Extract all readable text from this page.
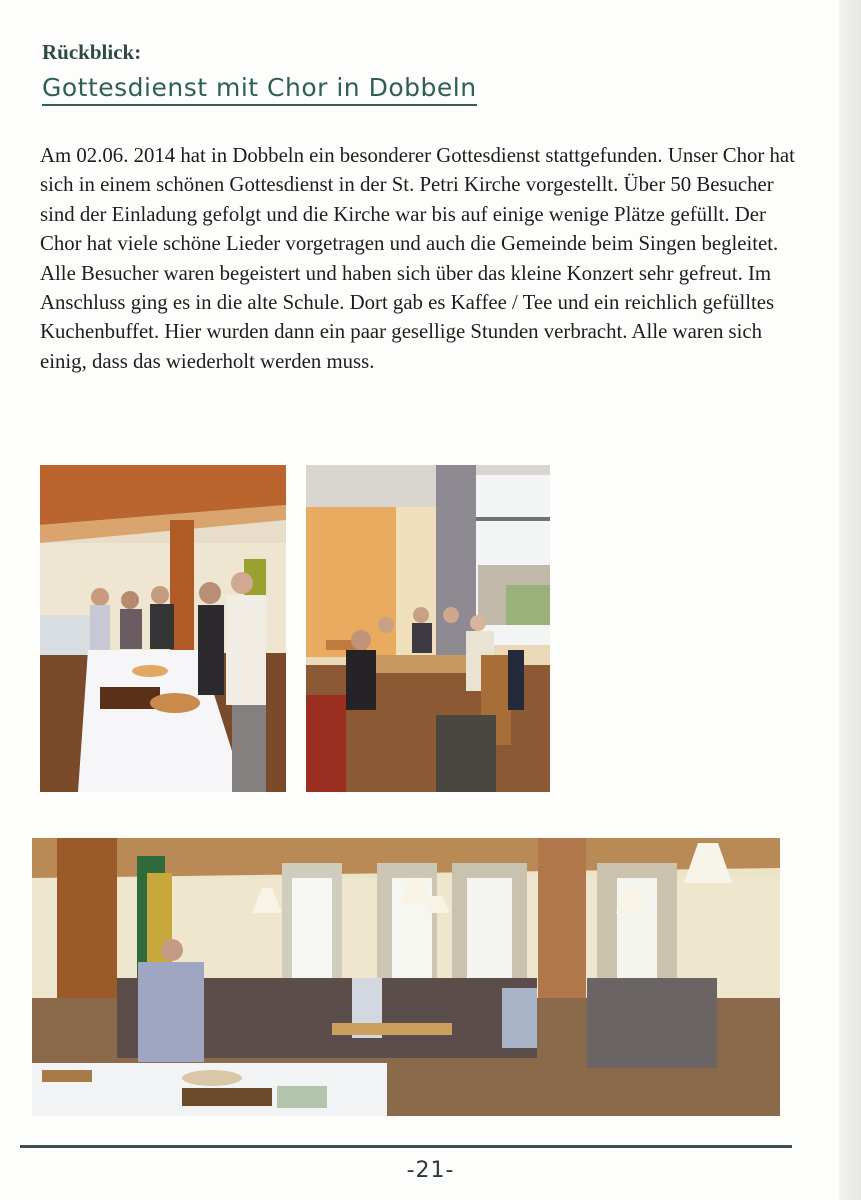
Rückblick:
Gottesdienst mit Chor in Dobbeln

Am 02.06. 2014 hat in Dobbeln ein besonderer Gottesdienst stattgefunden. Unser Chor hat sich in einem schönen Gottesdienst in der St. Petri Kirche vorgestellt. Über 50 Besucher sind der Einladung gefolgt und die Kirche war bis auf einige wenige Plätze gefüllt. Der Chor hat viele schöne Lieder vorgetragen und auch die Gemeinde beim Singen begleitet. Alle Besucher waren begeistert und haben sich über das kleine Konzert sehr gefreut. Im Anschluss ging es in die alte Schule. Dort gab es Kaffee / Tee und ein reichlich gefülltes Kuchenbuffet. Hier wurden dann ein paar gesellige Stunden verbracht. Alle waren sich einig, dass das wiederholt werden muss.

-21-
